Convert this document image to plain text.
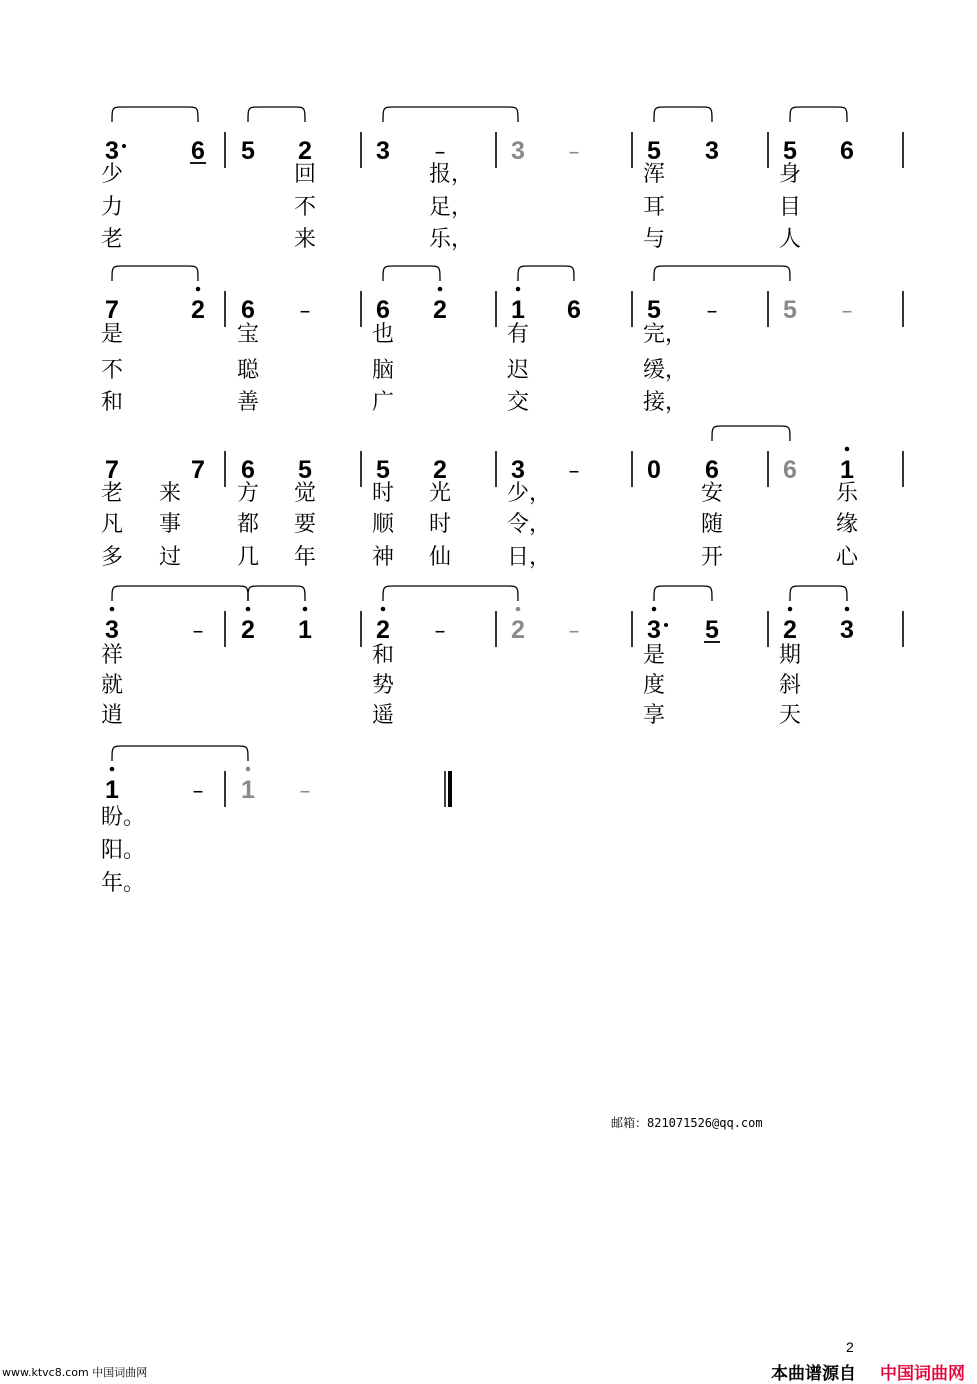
3	6 5 2	3 –	3 –	5 3	5 6
少	回	报，	浑	身
力	不	足，	耳	目
老	来	乐，	与	人
7	2 6 –	6 2	1 6	5 –	5 –
是	宝	也	有	完，
不	聪	脑	迟	缓，
和	善	广	交	接，
7	7 6 5	5 2	3 –	0 6	6 1
老 来	方 觉	时 光	少，	安	乐
凡 事	都 要	顺 时	令，	随	缘
多 过	几 年	神 仙	日，	开	心
3	– 2 1	2 –	2 –	3 5	2 3
祥	和	是	期
就	势	度	斜
逍	遥	享	天
1	– 1 –
盼。
阳。
年。
邮箱：821071526@qq.com
2
www.ktvc8.com 中国词曲网	本曲谱源自 中国词曲网
